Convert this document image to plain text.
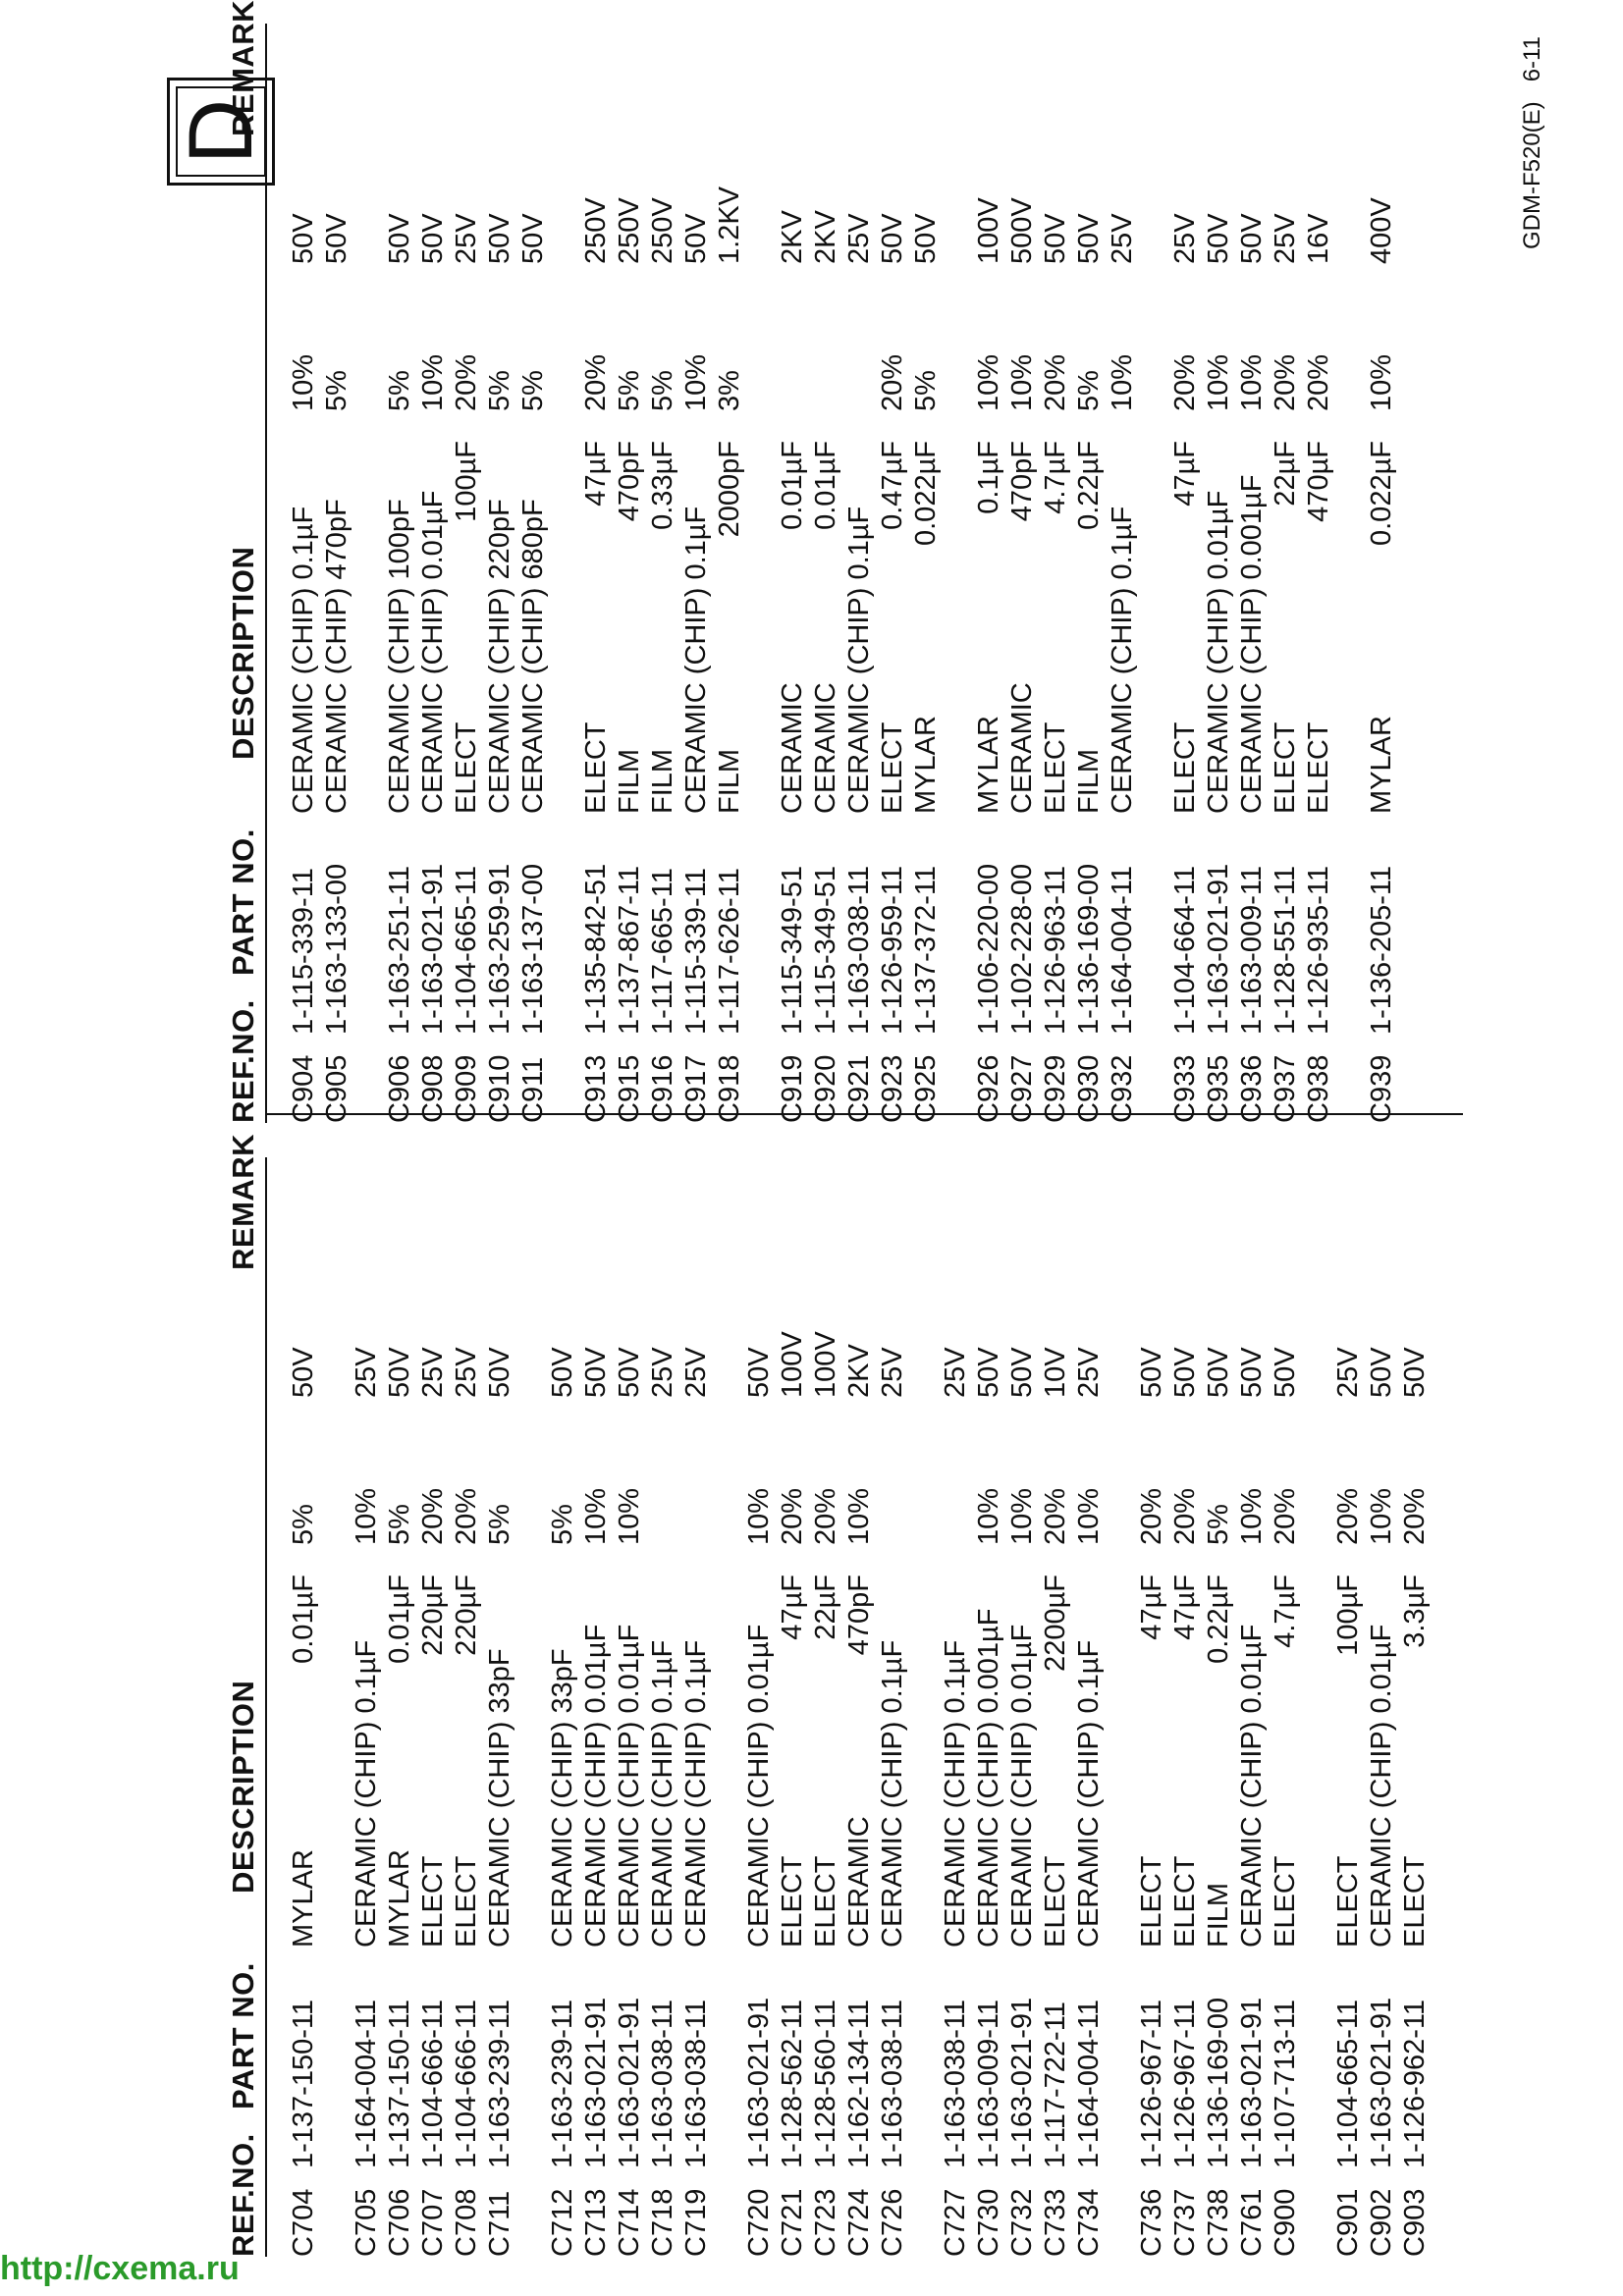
REF.NO.
PART NO.
DESCRIPTION
REMARK
C704
1-137-150-11
MYLAR
0.01µF
5%
50V
C705
1-164-004-11
CERAMIC (CHIP) 0.1µF
10%
25V
C706
1-137-150-11
MYLAR
0.01µF
5%
50V
C707
1-104-666-11
ELECT
220µF
20%
25V
C708
1-104-666-11
ELECT
220µF
20%
25V
C711
1-163-239-11
CERAMIC (CHIP) 33pF
5%
50V
C712
1-163-239-11
CERAMIC (CHIP) 33pF
5%
50V
C713
1-163-021-91
CERAMIC (CHIP) 0.01µF
10%
50V
C714
1-163-021-91
CERAMIC (CHIP) 0.01µF
10%
50V
C718
1-163-038-11
CERAMIC (CHIP) 0.1µF
25V
C719
1-163-038-11
CERAMIC (CHIP) 0.1µF
25V
C720
1-163-021-91
CERAMIC (CHIP) 0.01µF
10%
50V
C721
1-128-562-11
ELECT
47µF
20%
100V
C723
1-128-560-11
ELECT
22µF
20%
100V
C724
1-162-134-11
CERAMIC
470pF
10%
2KV
C726
1-163-038-11
CERAMIC (CHIP) 0.1µF
25V
C727
1-163-038-11
CERAMIC (CHIP) 0.1µF
25V
C730
1-163-009-11
CERAMIC (CHIP) 0.001µF
10%
50V
C732
1-163-021-91
CERAMIC (CHIP) 0.01µF
10%
50V
C733
1-117-722-11
ELECT
2200µF
20%
10V
C734
1-164-004-11
CERAMIC (CHIP) 0.1µF
10%
25V
C736
1-126-967-11
ELECT
47µF
20%
50V
C737
1-126-967-11
ELECT
47µF
20%
50V
C738
1-136-169-00
FILM
0.22µF
5%
50V
C761
1-163-021-91
CERAMIC (CHIP) 0.01µF
10%
50V
C900
1-107-713-11
ELECT
4.7µF
20%
50V
C901
1-104-665-11
ELECT
100µF
20%
25V
C902
1-163-021-91
CERAMIC (CHIP) 0.01µF
10%
50V
C903
1-126-962-11
ELECT
3.3µF
20%
50V
REF.NO.
PART NO.
DESCRIPTION
REMARK
C904
1-115-339-11
CERAMIC (CHIP) 0.1µF
10%
50V
C905
1-163-133-00
CERAMIC (CHIP) 470pF
5%
50V
C906
1-163-251-11
CERAMIC (CHIP) 100pF
5%
50V
C908
1-163-021-91
CERAMIC (CHIP) 0.01µF
10%
50V
C909
1-104-665-11
ELECT
100µF
20%
25V
C910
1-163-259-91
CERAMIC (CHIP) 220pF
5%
50V
C911
1-163-137-00
CERAMIC (CHIP) 680pF
5%
50V
C913
1-135-842-51
ELECT
47µF
20%
250V
C915
1-137-867-11
FILM
470pF
5%
250V
C916
1-117-665-11
FILM
0.33µF
5%
250V
C917
1-115-339-11
CERAMIC (CHIP) 0.1µF
10%
50V
C918
1-117-626-11
FILM
2000pF
3%
1.2KV
C919
1-115-349-51
CERAMIC
0.01µF
2KV
C920
1-115-349-51
CERAMIC
0.01µF
2KV
C921
1-163-038-11
CERAMIC (CHIP) 0.1µF
25V
C923
1-126-959-11
ELECT
0.47µF
20%
50V
C925
1-137-372-11
MYLAR
0.022µF
5%
50V
C926
1-106-220-00
MYLAR
0.1µF
10%
100V
C927
1-102-228-00
CERAMIC
470pF
10%
500V
C929
1-126-963-11
ELECT
4.7µF
20%
50V
C930
1-136-169-00
FILM
0.22µF
5%
50V
C932
1-164-004-11
CERAMIC (CHIP) 0.1µF
10%
25V
C933
1-104-664-11
ELECT
47µF
20%
25V
C935
1-163-021-91
CERAMIC (CHIP) 0.01µF
10%
50V
C936
1-163-009-11
CERAMIC (CHIP) 0.001µF
10%
50V
C937
1-128-551-11
ELECT
22µF
20%
25V
C938
1-126-935-11
ELECT
470µF
20%
16V
C939
1-136-205-11
MYLAR
0.022µF
10%
400V
D	GDM-F520(E)   6-11
http://cxema.ru
